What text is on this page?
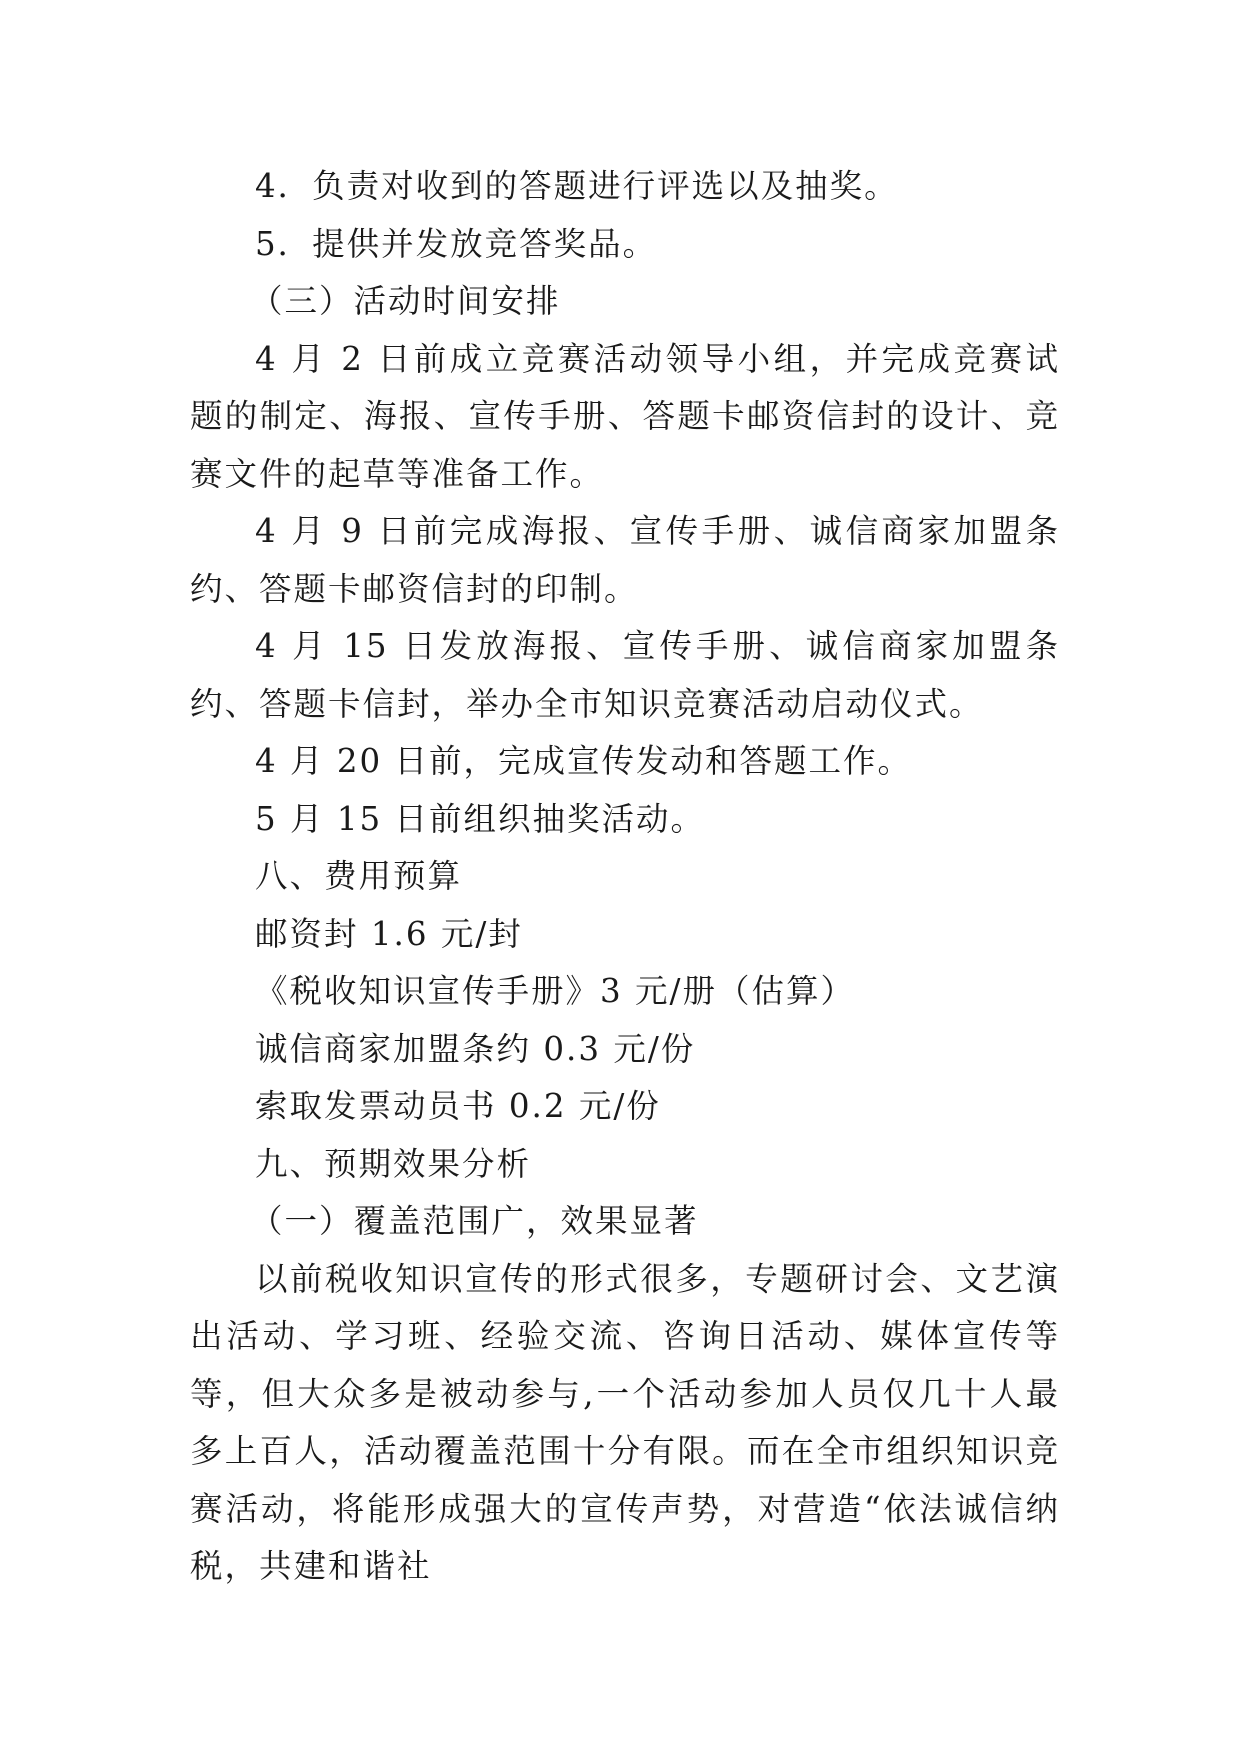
4．负责对收到的答题进行评选以及抽奖。

5．提供并发放竞答奖品。

（三）活动时间安排

4 月 2 日前成立竞赛活动领导小组，并完成竞赛试题的制定、海报、宣传手册、答题卡邮资信封的设计、竞赛文件的起草等准备工作。

4 月 9 日前完成海报、宣传手册、诚信商家加盟条约、答题卡邮资信封的印制。

4 月 15 日发放海报、宣传手册、诚信商家加盟条约、答题卡信封，举办全市知识竞赛活动启动仪式。

4 月 20 日前，完成宣传发动和答题工作。

5 月 15 日前组织抽奖活动。

八、费用预算

邮资封 1.6 元/封

《税收知识宣传手册》3 元/册（估算）

诚信商家加盟条约 0.3 元/份

索取发票动员书 0.2 元/份

九、预期效果分析

（一）覆盖范围广，效果显著

以前税收知识宣传的形式很多，专题研讨会、文艺演出活动、学习班、经验交流、咨询日活动、媒体宣传等等，但大众多是被动参与,一个活动参加人员仅几十人最多上百人，活动覆盖范围十分有限。而在全市组织知识竞赛活动，将能形成强大的宣传声势，对营造“依法诚信纳税，共建和谐社
